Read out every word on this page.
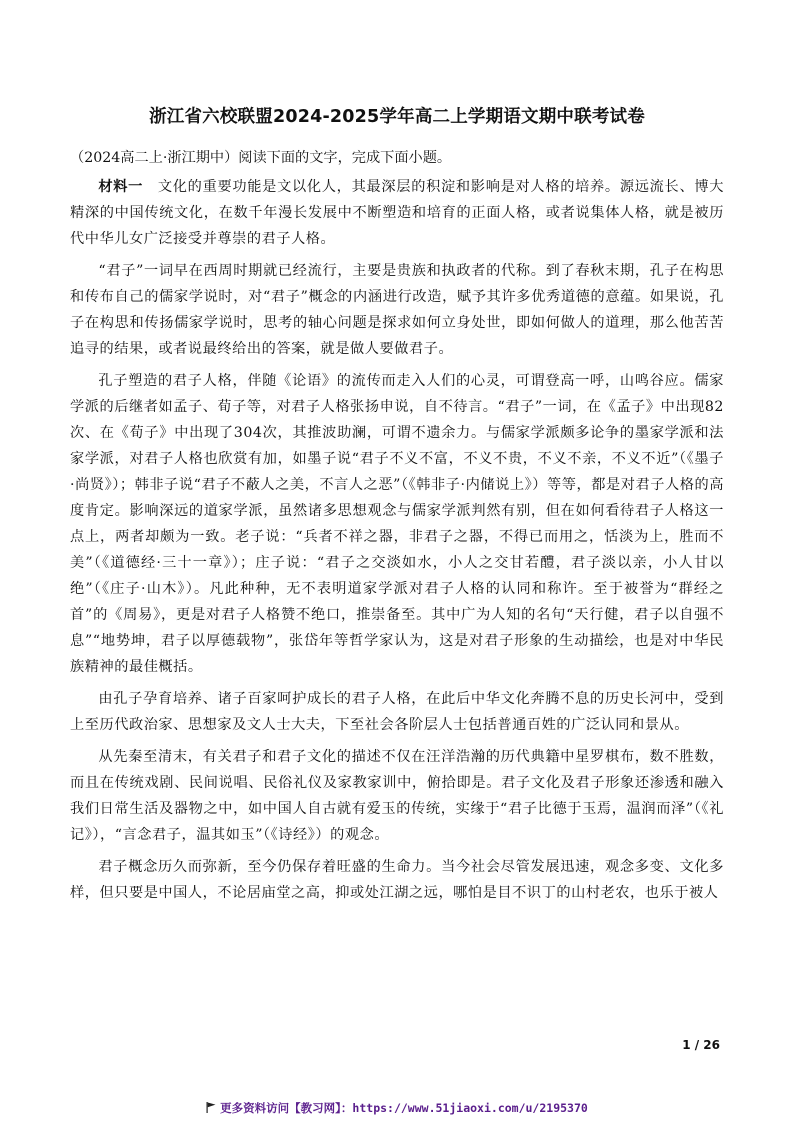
浙江省六校联盟2024-2025学年高二上学期语文期中联考试卷
（2024高二上·浙江期中）阅读下面的文字，完成下面小题。

材料一　文化的重要功能是文以化人，其最深层的积淀和影响是对人格的培养。源远流长、博大精深的中国传统文化，在数千年漫长发展中不断塑造和培育的正面人格，或者说集体人格，就是被历代中华儿女广泛接受并尊崇的君子人格。

“君子”一词早在西周时期就已经流行，主要是贵族和执政者的代称。到了春秋末期，孔子在构思和传布自己的儒家学说时，对“君子”概念的内涵进行改造，赋予其许多优秀道德的意蕴。如果说，孔子在构思和传扬儒家学说时，思考的轴心问题是探求如何立身处世，即如何做人的道理，那么他苦苦追寻的结果，或者说最终给出的答案，就是做人要做君子。

孔子塑造的君子人格，伴随《论语》的流传而走入人们的心灵，可谓登高一呼，山鸣谷应。儒家学派的后继者如孟子、荀子等，对君子人格张扬申说，自不待言。“君子”一词，在《孟子》中出现82次、在《荀子》中出现了304次，其推波助澜，可谓不遗余力。与儒家学派颇多论争的墨家学派和法家学派，对君子人格也欣赏有加，如墨子说“君子不义不富，不义不贵，不义不亲，不义不近”（《墨子·尚贤》）；韩非子说“君子不蔽人之美，不言人之恶”（《韩非子·内储说上》）等等，都是对君子人格的高度肯定。影响深远的道家学派，虽然诸多思想观念与儒家学派判然有别，但在如何看待君子人格这一点上，两者却颇为一致。老子说：“兵者不祥之器，非君子之器，不得已而用之，恬淡为上，胜而不美”（《道德经·三十一章》）；庄子说：“君子之交淡如水，小人之交甘若醴，君子淡以亲，小人甘以绝”（《庄子·山木》）。凡此种种，无不表明道家学派对君子人格的认同和称许。至于被誉为“群经之首”的《周易》，更是对君子人格赞不绝口，推崇备至。其中广为人知的名句“天行健，君子以自强不息”“地势坤，君子以厚德载物”，张岱年等哲学家认为，这是对君子形象的生动描绘，也是对中华民族精神的最佳概括。

由孔子孕育培养、诸子百家呵护成长的君子人格，在此后中华文化奔腾不息的历史长河中，受到上至历代政治家、思想家及文人士大夫，下至社会各阶层人士包括普通百姓的广泛认同和景从。

从先秦至清末，有关君子和君子文化的描述不仅在汪洋浩瀚的历代典籍中星罗棋布，数不胜数，而且在传统戏剧、民间说唱、民俗礼仪及家教家训中，俯拾即是。君子文化及君子形象还渗透和融入我们日常生活及器物之中，如中国人自古就有爱玉的传统，实缘于“君子比德于玉焉，温润而泽”（《礼记》），“言念君子，温其如玉”（《诗经》）的观念。

君子概念历久而弥新，至今仍保存着旺盛的生命力。当今社会尽管发展迅速，观念多变、文化多样，但只要是中国人，不论居庙堂之高，抑或处江湖之远，哪怕是目不识丁的山村老农，也乐于被人

1 / 26
更多资料访问【教习网】：https://www.51jiaoxi.com/u/2195370
